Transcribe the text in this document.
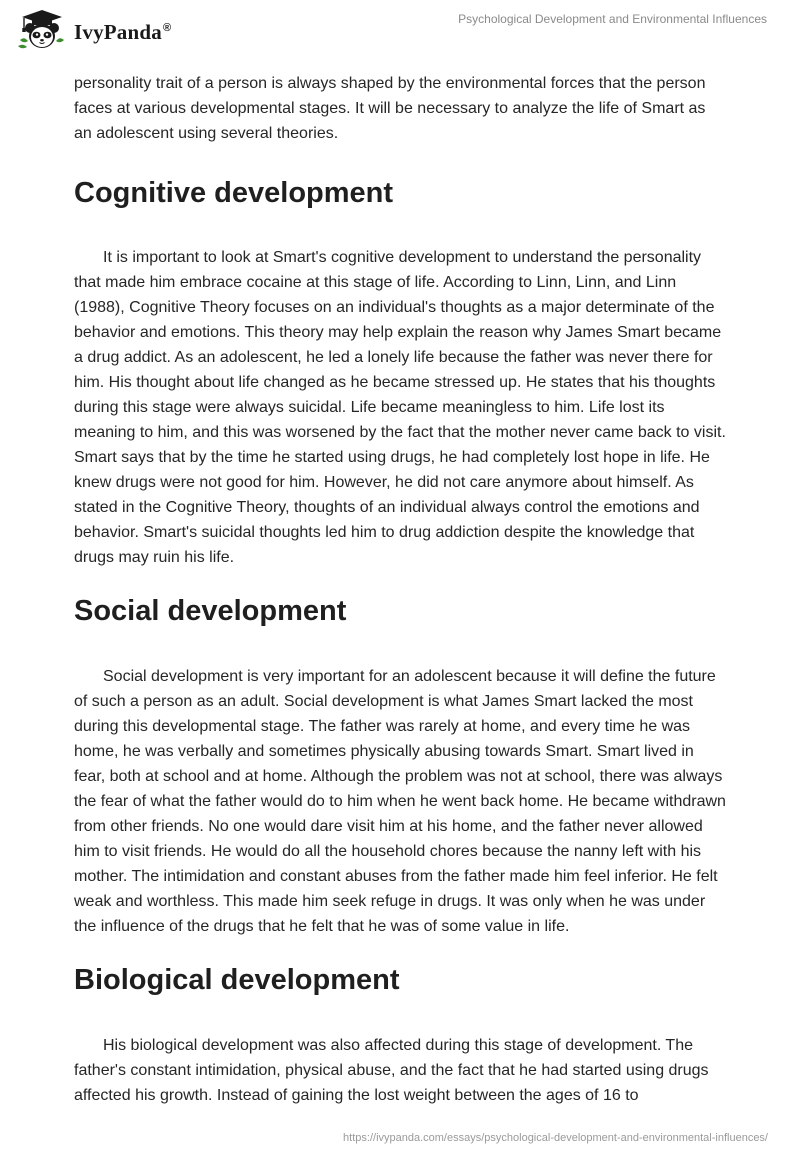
IvyPanda®
Psychological Development and Environmental Influences

personality trait of a person is always shaped by the environmental forces that the person faces at various developmental stages. It will be necessary to analyze the life of Smart as an adolescent using several theories.

Cognitive development

It is important to look at Smart's cognitive development to understand the personality that made him embrace cocaine at this stage of life. According to Linn, Linn, and Linn (1988), Cognitive Theory focuses on an individual's thoughts as a major determinate of the behavior and emotions. This theory may help explain the reason why James Smart became a drug addict. As an adolescent, he led a lonely life because the father was never there for him. His thought about life changed as he became stressed up. He states that his thoughts during this stage were always suicidal. Life became meaningless to him. Life lost its meaning to him, and this was worsened by the fact that the mother never came back to visit. Smart says that by the time he started using drugs, he had completely lost hope in life. He knew drugs were not good for him. However, he did not care anymore about himself. As stated in the Cognitive Theory, thoughts of an individual always control the emotions and behavior. Smart's suicidal thoughts led him to drug addiction despite the knowledge that drugs may ruin his life.

Social development

Social development is very important for an adolescent because it will define the future of such a person as an adult. Social development is what James Smart lacked the most during this developmental stage. The father was rarely at home, and every time he was home, he was verbally and sometimes physically abusing towards Smart. Smart lived in fear, both at school and at home. Although the problem was not at school, there was always the fear of what the father would do to him when he went back home. He became withdrawn from other friends. No one would dare visit him at his home, and the father never allowed him to visit friends. He would do all the household chores because the nanny left with his mother. The intimidation and constant abuses from the father made him feel inferior. He felt weak and worthless. This made him seek refuge in drugs. It was only when he was under the influence of the drugs that he felt that he was of some value in life.

Biological development

His biological development was also affected during this stage of development. The father's constant intimidation, physical abuse, and the fact that he had started using drugs affected his growth. Instead of gaining the lost weight between the ages of 16 to

https://ivypanda.com/essays/psychological-development-and-environmental-influences/
